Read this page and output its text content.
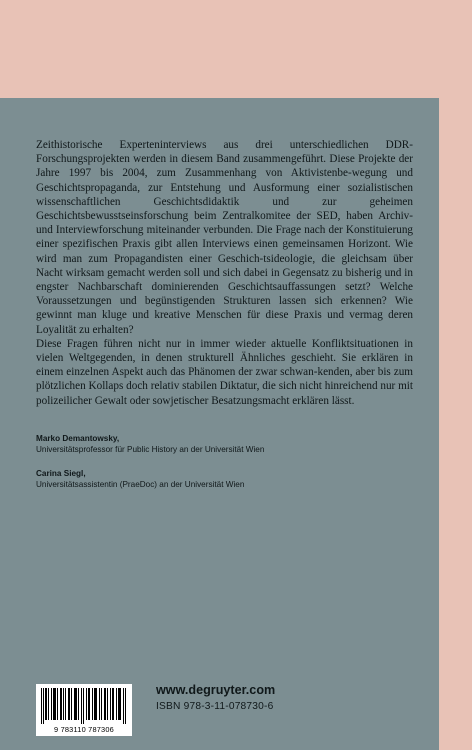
Zeithistorische Experteninterviews aus drei unterschiedlichen DDR- Forschungsprojekten werden in diesem Band zusammengeführt. Diese Projekte der Jahre 1997 bis 2004, zum Zusammenhang von Aktivistenbe-wegung und Geschichtspropaganda, zur Entstehung und Ausformung einer sozialistischen wissenschaftlichen Geschichtsdidaktik und zur geheimen Geschichtsbewusstseinsforschung beim Zentralkomitee der SED, haben Archiv- und Interviewforschung miteinander verbunden. Die Frage nach der Konstituierung einer spezifischen Praxis gibt allen Interviews einen gemeinsamen Horizont. Wie wird man zum Propagandisten einer Geschich-tsideologie, die gleichsam über Nacht wirksam gemacht werden soll und sich dabei in Gegensatz zu bisherig und in engster Nachbarschaft dominierenden Geschichtsauffassungen setzt? Welche Voraussetzungen und begünstigenden Strukturen lassen sich erkennen? Wie gewinnt man kluge und kreative Menschen für diese Praxis und vermag deren Loyalität zu erhalten?

Diese Fragen führen nicht nur in immer wieder aktuelle Konfliktsituationen in vielen Weltgegenden, in denen strukturell Ähnliches geschieht. Sie erklären in einem einzelnen Aspekt auch das Phänomen der zwar schwan-kenden, aber bis zum plötzlichen Kollaps doch relativ stabilen Diktatur, die sich nicht hinreichend nur mit polizeilicher Gewalt oder sowjetischer Besatzungsmacht erklären lässt.

Marko Demantowsky,
Universitätsprofessor für Public History an der Universität Wien
Carina Siegl,
Universitätsassistentin (PraeDoc) an der Universität Wien
9 783110 787306
www.degruyter.com
ISBN 978-3-11-078730-6
